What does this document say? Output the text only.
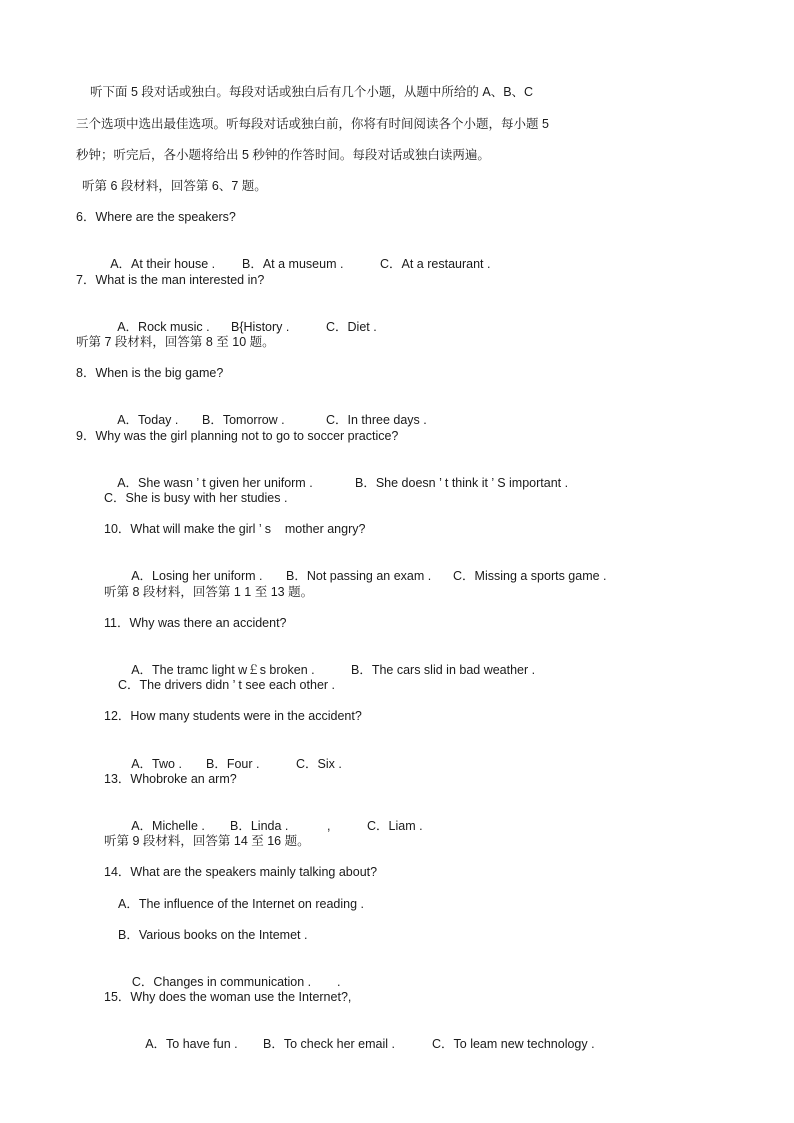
听下面 5 段对话或独白。每段对话或独白后有几个小题，从题中所给的 A、B、C

三个选项中选出最佳选项。听每段对话或独白前，你将有时间阅读各个小题，每小题 5

秒钟；听完后，各小题将给出 5 秒钟的作答时间。每段对话或独白读两遍。

听第 6 段材料，回答第 6、7 题。

6．Where are the speakers?

A．At their house . B．At a museum .	C．At a restaurant .

7．What is the man interested in?

A．Rock music . B{History .	C．Diet .

听第 7 段材料，回答第 8 至 10 题。

8．When is the big game?

A．Today . B．Tomorrow .	C．In three days .

9．Why was the girl planning not to go to soccer practice?

A．She wasn ’ t given her uniform .	B．She doesn ’ t think it ’ S important .

C．She is busy with her studies .

10．What will make the girl ’ s    mother angry?

A．Losing her uniform . B．Not passing an exam . C．Missing a sports game .

听第 8 段材料，回答第 1 1 至 13 题。

11．Why was there an accident?

A．The tramc light w￡s broken .	B．The cars slid in bad weather .

C．The drivers didn ’ t see each other .

12．How many students were in the accident?

A．Two . B．Four .	C．Six .

13．Whobroke an arm?

A．Michelle . B．Linda .	,	C．Liam .

听第 9 段材料，回答第 14 至 16 题。

14．What are the speakers mainly talking about?

A．The influence of the Internet on reading .

B．Various books on the Intemet .

C．Changes in communication . .

15．Why does the woman use the Internet?,

A．To have fun . B．To check her email .	C．To leam new technology .
